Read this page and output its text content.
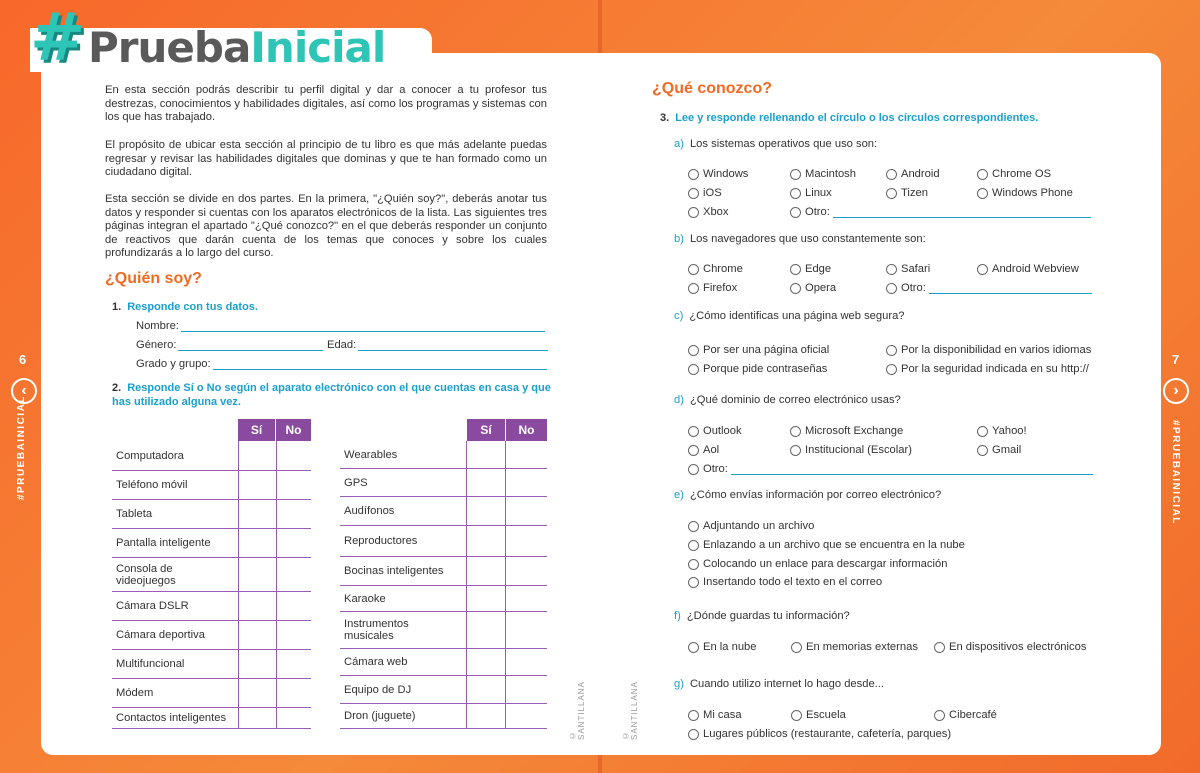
# PruebaInicial
6
‹
#PRUEBAINICIAL
7
›
#PRUEBAINICIAL
En esta sección podrás describir tu perfil digital y dar a conocer a tu profesor tus destrezas, conocimientos y habilidades digitales, así como los programas y sistemas con los que has trabajado.
El propósito de ubicar esta sección al principio de tu libro es que más adelante puedas regresar y revisar las habilidades digitales que dominas y que te han formado como un ciudadano digital.
Esta sección se divide en dos partes. En la primera, "¿Quién soy?", deberás anotar tus datos y responder si cuentas con los aparatos electrónicos de la lista. Las siguientes tres páginas integran el apartado "¿Qué conozco?" en el que deberás responder un conjunto de reactivos que darán cuenta de los temas que conoces y sobre los cuales profundizarás a lo largo del curso.
¿Quién soy?
1. Responde con tus datos.
Nombre:
Género:	Edad:
Grado y grupo:
2. Responde Sí o No según el aparato electrónico con el que cuentas en casa y que has utilizado alguna vez.
Sí	No
Computadora
Teléfono móvil
Tableta
Pantalla inteligente
Consola de videojuegos
Cámara DSLR
Cámara deportiva
Multifuncional
Módem
Contactos inteligentes
Sí	No
Wearables
GPS
Audífonos
Reproductores
Bocinas inteligentes
Karaoke
Instrumentos musicales
Cámara web
Equipo de DJ
Dron (juguete)
© SANTILLANA	© SANTILLANA
¿Qué conozco?
3. Lee y responde rellenando el círculo o los círculos correspondientes.
a) Los sistemas operativos que uso son:
Windows	Macintosh	Android	Chrome OS
iOS	Linux	Tizen	Windows Phone
Xbox	Otro:
b) Los navegadores que uso constantemente son:
Chrome	Edge	Safari	Android Webview
Firefox	Opera	Otro:
c) ¿Cómo identificas una página web segura?
Por ser una página oficial	Por la disponibilidad en varios idiomas
Porque pide contraseñas	Por la seguridad indicada en su http://
d) ¿Qué dominio de correo electrónico usas?
Outlook	Microsoft Exchange	Yahoo!
Aol	Institucional (Escolar)	Gmail
Otro:
e) ¿Cómo envías información por correo electrónico?
Adjuntando un archivo
Enlazando a un archivo que se encuentra en la nube
Colocando un enlace para descargar información
Insertando todo el texto en el correo
f) ¿Dónde guardas tu información?
En la nube	En memorias externas	En dispositivos electrónicos
g) Cuando utilizo internet lo hago desde...
Mi casa	Escuela	Cibercafé
Lugares públicos (restaurante, cafetería, parques)
